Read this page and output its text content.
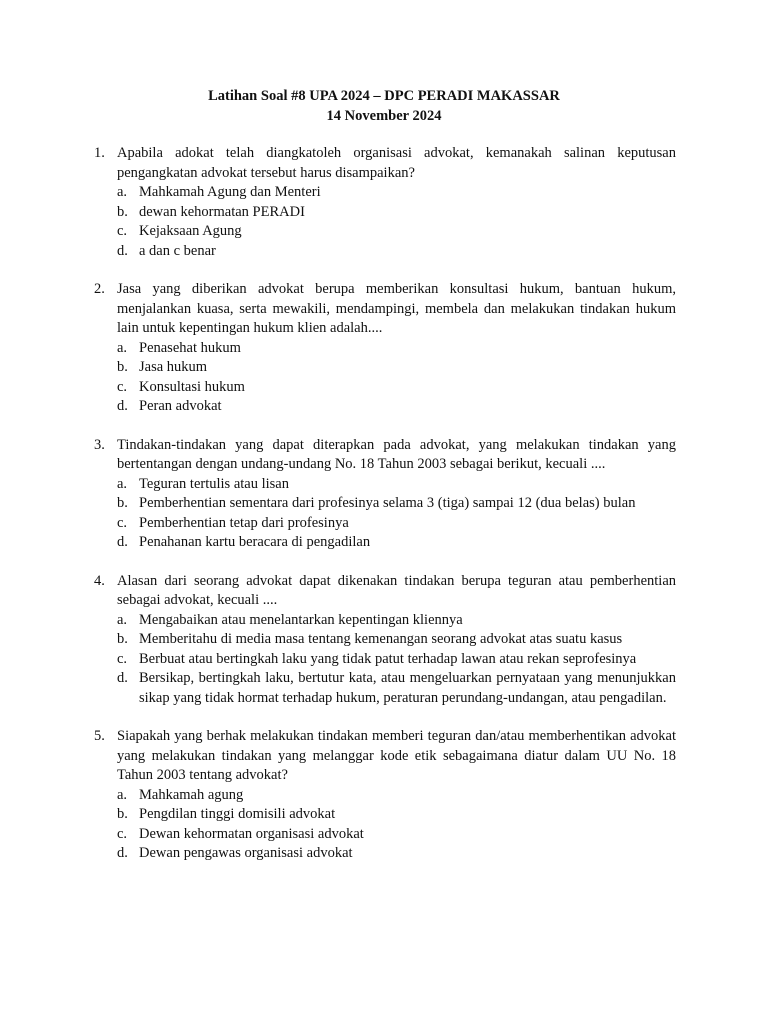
Latihan Soal #8 UPA 2024 – DPC PERADI MAKASSAR
14 November 2024
1. Apabila adokat telah diangkatoleh organisasi advokat, kemanakah salinan keputusan pengangkatan advokat tersebut harus disampaikan?
a. Mahkamah Agung dan Menteri
b. dewan kehormatan PERADI
c. Kejaksaan Agung
d. a dan c benar
2. Jasa yang diberikan advokat berupa memberikan konsultasi hukum, bantuan hukum, menjalankan kuasa, serta mewakili, mendampingi, membela dan melakukan tindakan hukum lain untuk kepentingan hukum klien adalah....
a. Penasehat hukum
b. Jasa hukum
c. Konsultasi hukum
d. Peran advokat
3. Tindakan-tindakan yang dapat diterapkan pada advokat, yang melakukan tindakan yang bertentangan dengan undang-undang No. 18 Tahun 2003 sebagai berikut, kecuali ....
a. Teguran tertulis atau lisan
b. Pemberhentian sementara dari profesinya selama 3 (tiga) sampai 12 (dua belas) bulan
c. Pemberhentian tetap dari profesinya
d. Penahanan kartu beracara di pengadilan
4. Alasan dari seorang advokat dapat dikenakan tindakan berupa teguran atau pemberhentian sebagai advokat, kecuali ....
a. Mengabaikan atau menelantarkan kepentingan kliennya
b. Memberitahu di media masa tentang kemenangan seorang advokat atas suatu kasus
c. Berbuat atau bertingkah laku yang tidak patut terhadap lawan atau rekan seprofesinya
d. Bersikap, bertingkah laku, bertutur kata, atau mengeluarkan pernyataan yang menunjukkan sikap yang tidak hormat terhadap hukum, peraturan perundang-undangan, atau pengadilan.
5. Siapakah yang berhak melakukan tindakan memberi teguran dan/atau memberhentikan advokat yang melakukan tindakan yang melanggar kode etik sebagaimana diatur dalam UU No. 18 Tahun 2003 tentang advokat?
a. Mahkamah agung
b. Pengdilan tinggi domisili advokat
c. Dewan kehormatan organisasi advokat
d. Dewan pengawas organisasi advokat
